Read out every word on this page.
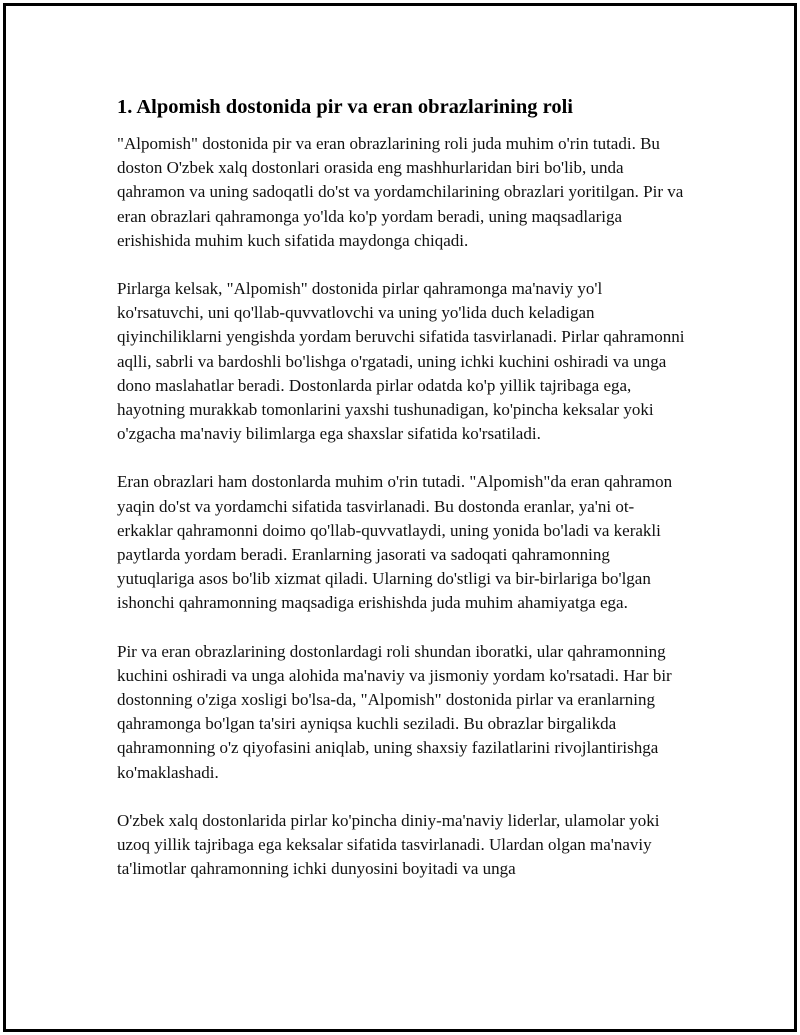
1. Alpomish dostonida pir va eran obrazlarining roli

"Alpomish" dostonida pir va eran obrazlarining roli juda muhim o'rin tutadi. Bu doston O'zbek xalq dostonlari orasida eng mashhurlaridan biri bo'lib, unda qahramon va uning sadoqatli do'st va yordamchilarining obrazlari yoritilgan. Pir va eran obrazlari qahramonga yo'lda ko'p yordam beradi, uning maqsadlariga erishishida muhim kuch sifatida maydonga chiqadi.

Pirlarga kelsak, "Alpomish" dostonida pirlar qahramonga ma'naviy yo'l ko'rsatuvchi, uni qo'llab-quvvatlovchi va uning yo'lida duch keladigan qiyinchiliklarni yengishda yordam beruvchi sifatida tasvirlanadi. Pirlar qahramonni aqlli, sabrli va bardoshli bo'lishga o'rgatadi, uning ichki kuchini oshiradi va unga dono maslahatlar beradi. Dostonlarda pirlar odatda ko'p yillik tajribaga ega, hayotning murakkab tomonlarini yaxshi tushunadigan, ko'pincha keksalar yoki o'zgacha ma'naviy bilimlarga ega shaxslar sifatida ko'rsatiladi.

Eran obrazlari ham dostonlarda muhim o'rin tutadi. "Alpomish"da eran qahramon yaqin do'st va yordamchi sifatida tasvirlanadi. Bu dostonda eranlar, ya'ni ot-erkaklar qahramonni doimo qo'llab-quvvatlaydi, uning yonida bo'ladi va kerakli paytlarda yordam beradi. Eranlarning jasorati va sadoqati qahramonning yutuqlariga asos bo'lib xizmat qiladi. Ularning do'stligi va bir-birlariga bo'lgan ishonchi qahramonning maqsadiga erishishda juda muhim ahamiyatga ega.

Pir va eran obrazlarining dostonlardagi roli shundan iboratki, ular qahramonning kuchini oshiradi va unga alohida ma'naviy va jismoniy yordam ko'rsatadi. Har bir dostonning o'ziga xosligi bo'lsa-da, "Alpomish" dostonida pirlar va eranlarning qahramonga bo'lgan ta'siri ayniqsa kuchli seziladi. Bu obrazlar birgalikda qahramonning o'z qiyofasini aniqlab, uning shaxsiy fazilatlarini rivojlantirishga ko'maklashadi.

O'zbek xalq dostonlarida pirlar ko'pincha diniy-ma'naviy liderlar, ulamolar yoki uzoq yillik tajribaga ega keksalar sifatida tasvirlanadi. Ulardan olgan ma'naviy ta'limotlar qahramonning ichki dunyosini boyitadi va unga
